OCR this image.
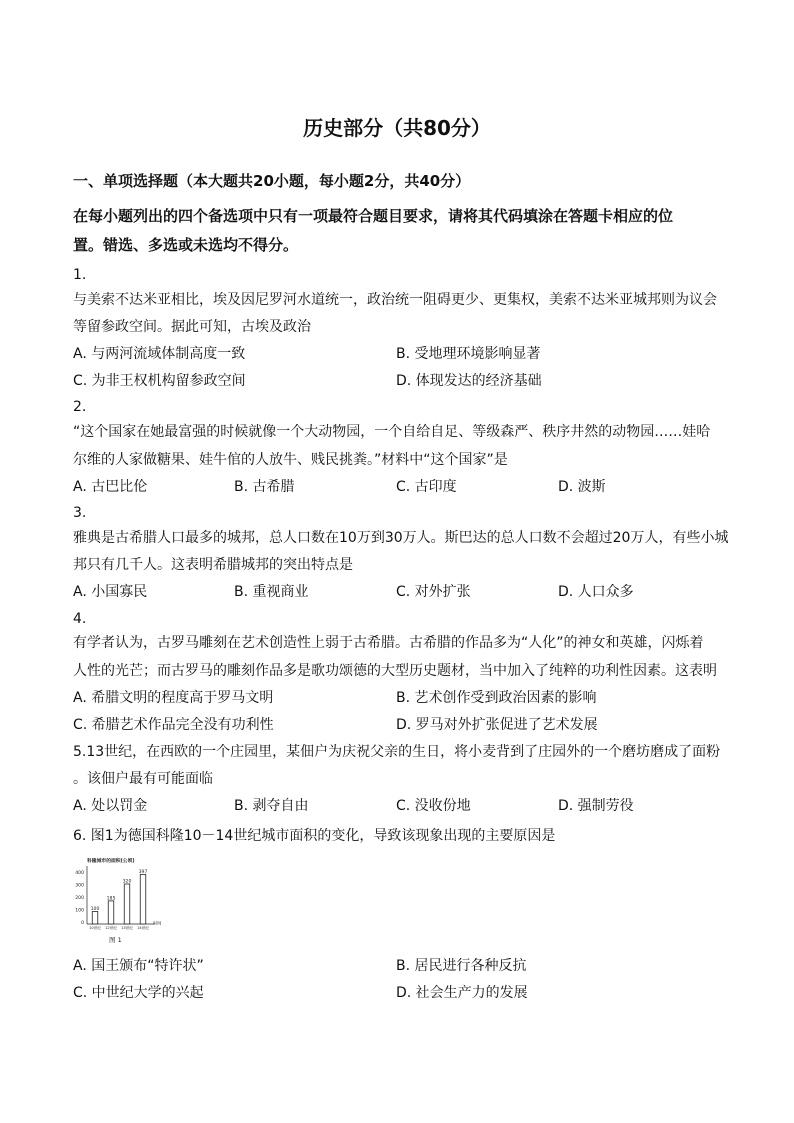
历史部分（共80分）
一、单项选择题（本大题共20小题，每小题2分，共40分）
在每小题列出的四个备选项中只有一项最符合题目要求，请将其代码填涂在答题卡相应的位
置。错选、多选或未选均不得分。
1.
与美索不达米亚相比，埃及因尼罗河水道统一，政治统一阻碍更少、更集权，美索不达米亚城邦则为议会
等留参政空间。据此可知，古埃及政治
A. 与两河流域体制高度一致	B. 受地理环境影响显著
C. 为非王权机构留参政空间	D. 体现发达的经济基础
2.
“这个国家在她最富强的时候就像一个大动物园，一个自给自足、等级森严、秩序井然的动物园……娃哈
尔维的人家做糖果、娃牛倌的人放牛、贱民挑粪。”材料中“这个国家”是
A. 古巴比伦	B. 古希腊	C. 古印度	D. 波斯
3.
雅典是古希腊人口最多的城邦，总人口数在10万到30万人。斯巴达的总人口数不会超过20万人，有些小城
邦只有几千人。这表明希腊城邦的突出特点是
A. 小国寡民	B. 重视商业	C. 对外扩张	D. 人口众多
4.
有学者认为，古罗马雕刻在艺术创造性上弱于古希腊。古希腊的作品多为“人化”的神女和英雄，闪烁着
人性的光芒；而古罗马的雕刻作品多是歌功颂德的大型历史题材，当中加入了纯粹的功利性因素。这表明
A. 希腊文明的程度高于罗马文明	B. 艺术创作受到政治因素的影响
C. 希腊艺术作品完全没有功利性	D. 罗马对外扩张促进了艺术发展
5.13世纪，在西欧的一个庄园里，某佃户为庆祝父亲的生日，将小麦背到了庄园外的一个磨坊磨成了面粉
。该佃户最有可能面临
A. 处以罚金	B. 剥夺自由	C. 没收份地	D. 强制劳役
6. 图1为德国科隆10－14世纪城市面积的变化，导致该现象出现的主要原因是
科隆城市的面积(公顷)
400
300
200
100
0	时间
100
185
320
397
10世纪 12世纪 13世纪 14世纪
图 1
A. 国王颁布“特许状”	B. 居民进行各种反抗
C. 中世纪大学的兴起	D. 社会生产力的发展
